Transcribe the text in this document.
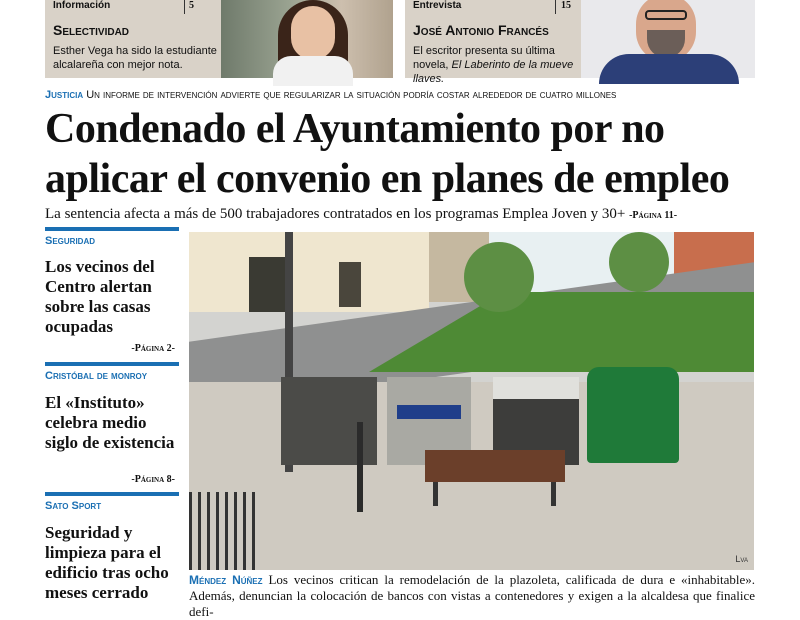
Información	5
Selectividad
Esther Vega ha sido la estudiante alcalareña con mejor nota.
Entrevista	15
José Antonio Francés
El escritor presenta su última novela, El Laberinto de la mueve llaves.
Justicia Un informe de intervención advierte que regularizar la situación podría costar alrededor de cuatro millones
Condenado el Ayuntamiento por no aplicar el convenio en planes de empleo
La sentencia afecta a más de 500 trabajadores contratados en los programas Emplea Joven y 30+ -Página 11-
Seguridad
Los vecinos del Centro alertan sobre las casas ocupadas
-Página 2-
Cristóbal de monroy
El «Instituto» celebra medio siglo de existencia
-Página 8-
Sato Sport
Seguridad y limpieza para el edificio tras ocho meses cerrado
Lva
Méndez Núñez Los vecinos critican la remodelación de la plazoleta, calificada de dura e «inhabitable». Además, denuncian la colocación de bancos con vistas a contenedores y exigen a la alcaldesa que finalice defi-
